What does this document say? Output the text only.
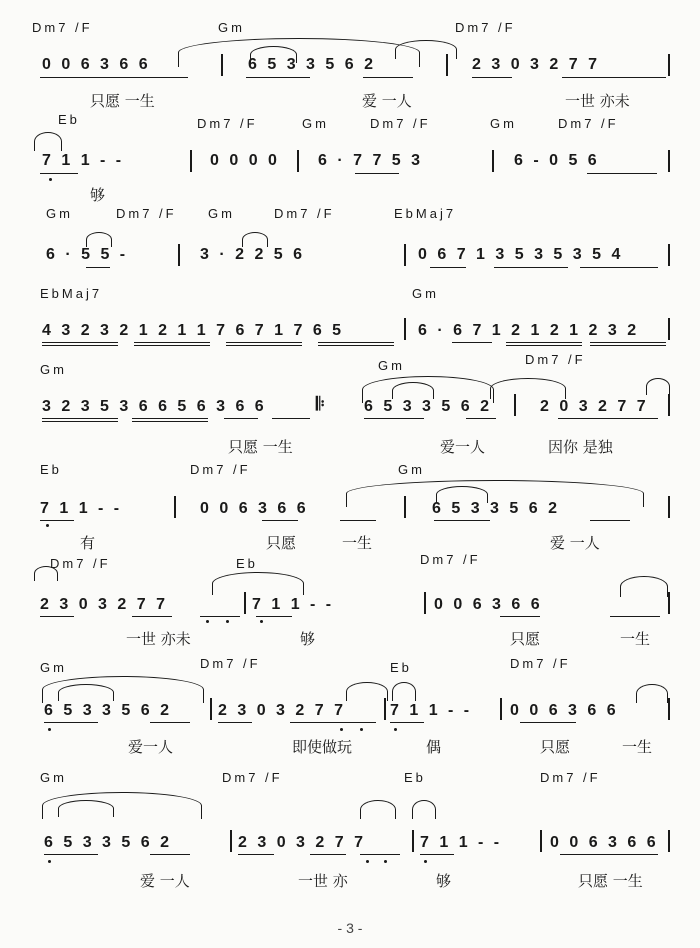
Dm7 /F	Gm	Dm7 /F
0 0 6 3 6 6	6 5 3 3 5 6 2	2 3 0 3 2 7 7
只愿 一生	爱 一人	一世 亦未
Eb	Dm7 /F	Gm	Dm7 /F	Gm	Dm7 /F
7 1 1 - -	0 0 0 0 6 · 7 7 5 3	6 - 0 5 6
够
Gm	Dm7 /F Gm	Dm7 /F	EbMaj7
6 · 5 5 -	3 · 2 2 5 6	0 6 7 1 3 5 3 5 3 5 4
EbMaj7	Gm
4 3 2 3 2 1 2 1 1 7 6 7 1 7 6 5	6 · 6 7 1 2 1 2 1 2 3 2
Gm	Gm	Dm7 /F
3 2 3 5 3 6 6 5 6 3 6 6	𝄆 6 5 3 3 5 6 2	2 0 3 2 7 7
只愿 一生	爱一人	因你 是独
Eb	Dm7 /F	Gm
7 1 1 - -	0 0 6 3 6 6	6 5 3 3 5 6 2
有	只愿	一生	爱 一人
Dm7 /F	Eb	Dm7 /F
2 3 0 3 2 7 7	7 1 1 - -	0 0 6 3 6 6
一世 亦未	够	只愿	一生
Gm	Dm7 /F	Eb	Dm7 /F
6 5 3 3 5 6 2	2 3 0 3 2 7 7	7 1 1 - - 0 0 6 3 6 6
爱一人	即使做玩	偶	只愿	一生
Gm	Dm7 /F	Eb	Dm7 /F
6 5 3 3 5 6 2	2 3 0 3 2 7 7	7 1 1 - -	0 0 6 3 6 6
爱 一人	一世 亦	够	只愿 一生
- 3 -
